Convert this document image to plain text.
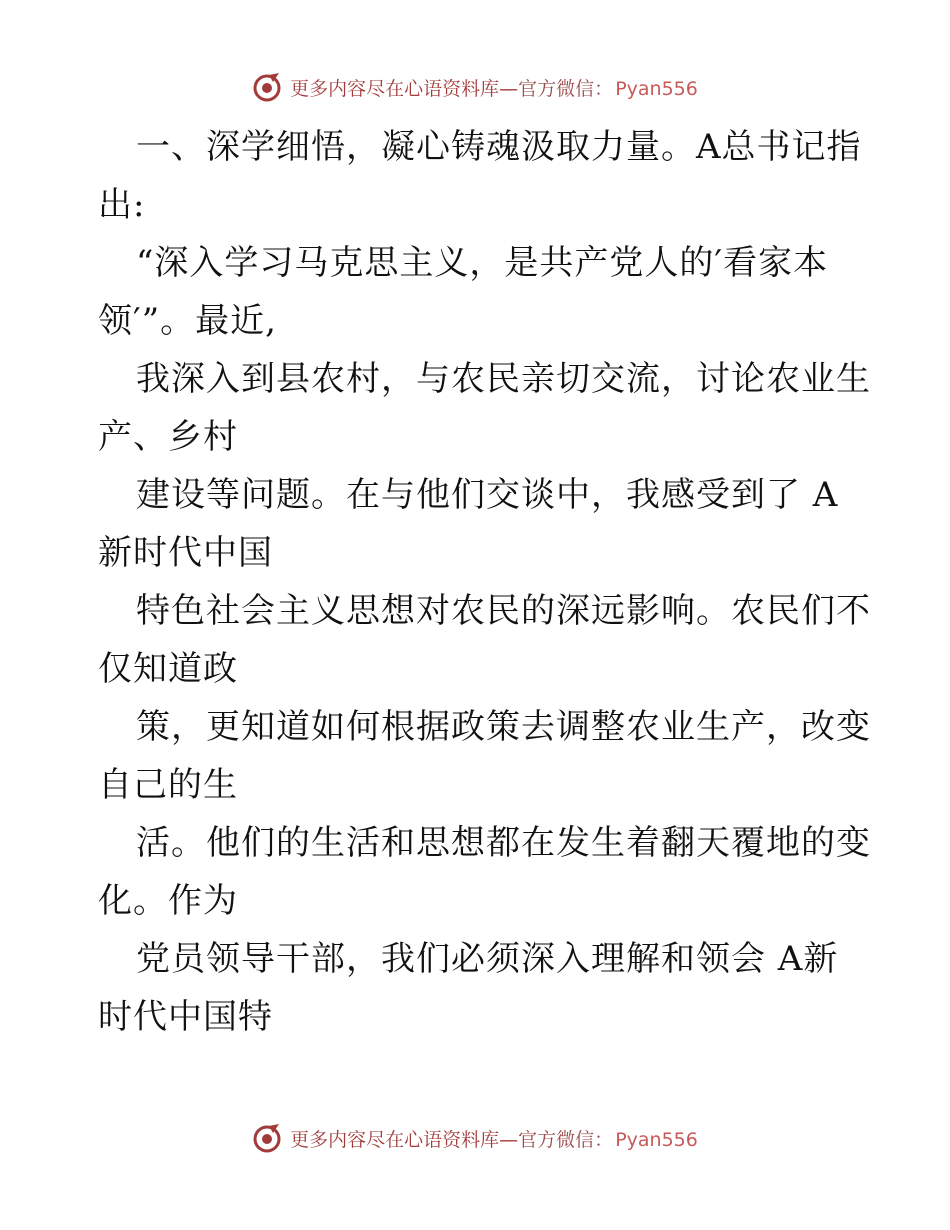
更多内容尽在心语资料库—官方微信： Pyan556
一、深学细悟，凝心铸魂汲取力量。A总书记指
出:
“深入学习马克思主义，是共产党人的′看家本
领′”。最近,
我深入到县农村，与农民亲切交流，讨论农业生
产、乡村
建设等问题。在与他们交谈中，我感受到了 A
新时代中国
特色社会主义思想对农民的深远影响。农民们不
仅知道政
策，更知道如何根据政策去调整农业生产，改变
自己的生
活。他们的生活和思想都在发生着翻天覆地的变
化。作为
党员领导干部，我们必须深入理解和领会 A新
时代中国特
更多内容尽在心语资料库—官方微信： Pyan556
